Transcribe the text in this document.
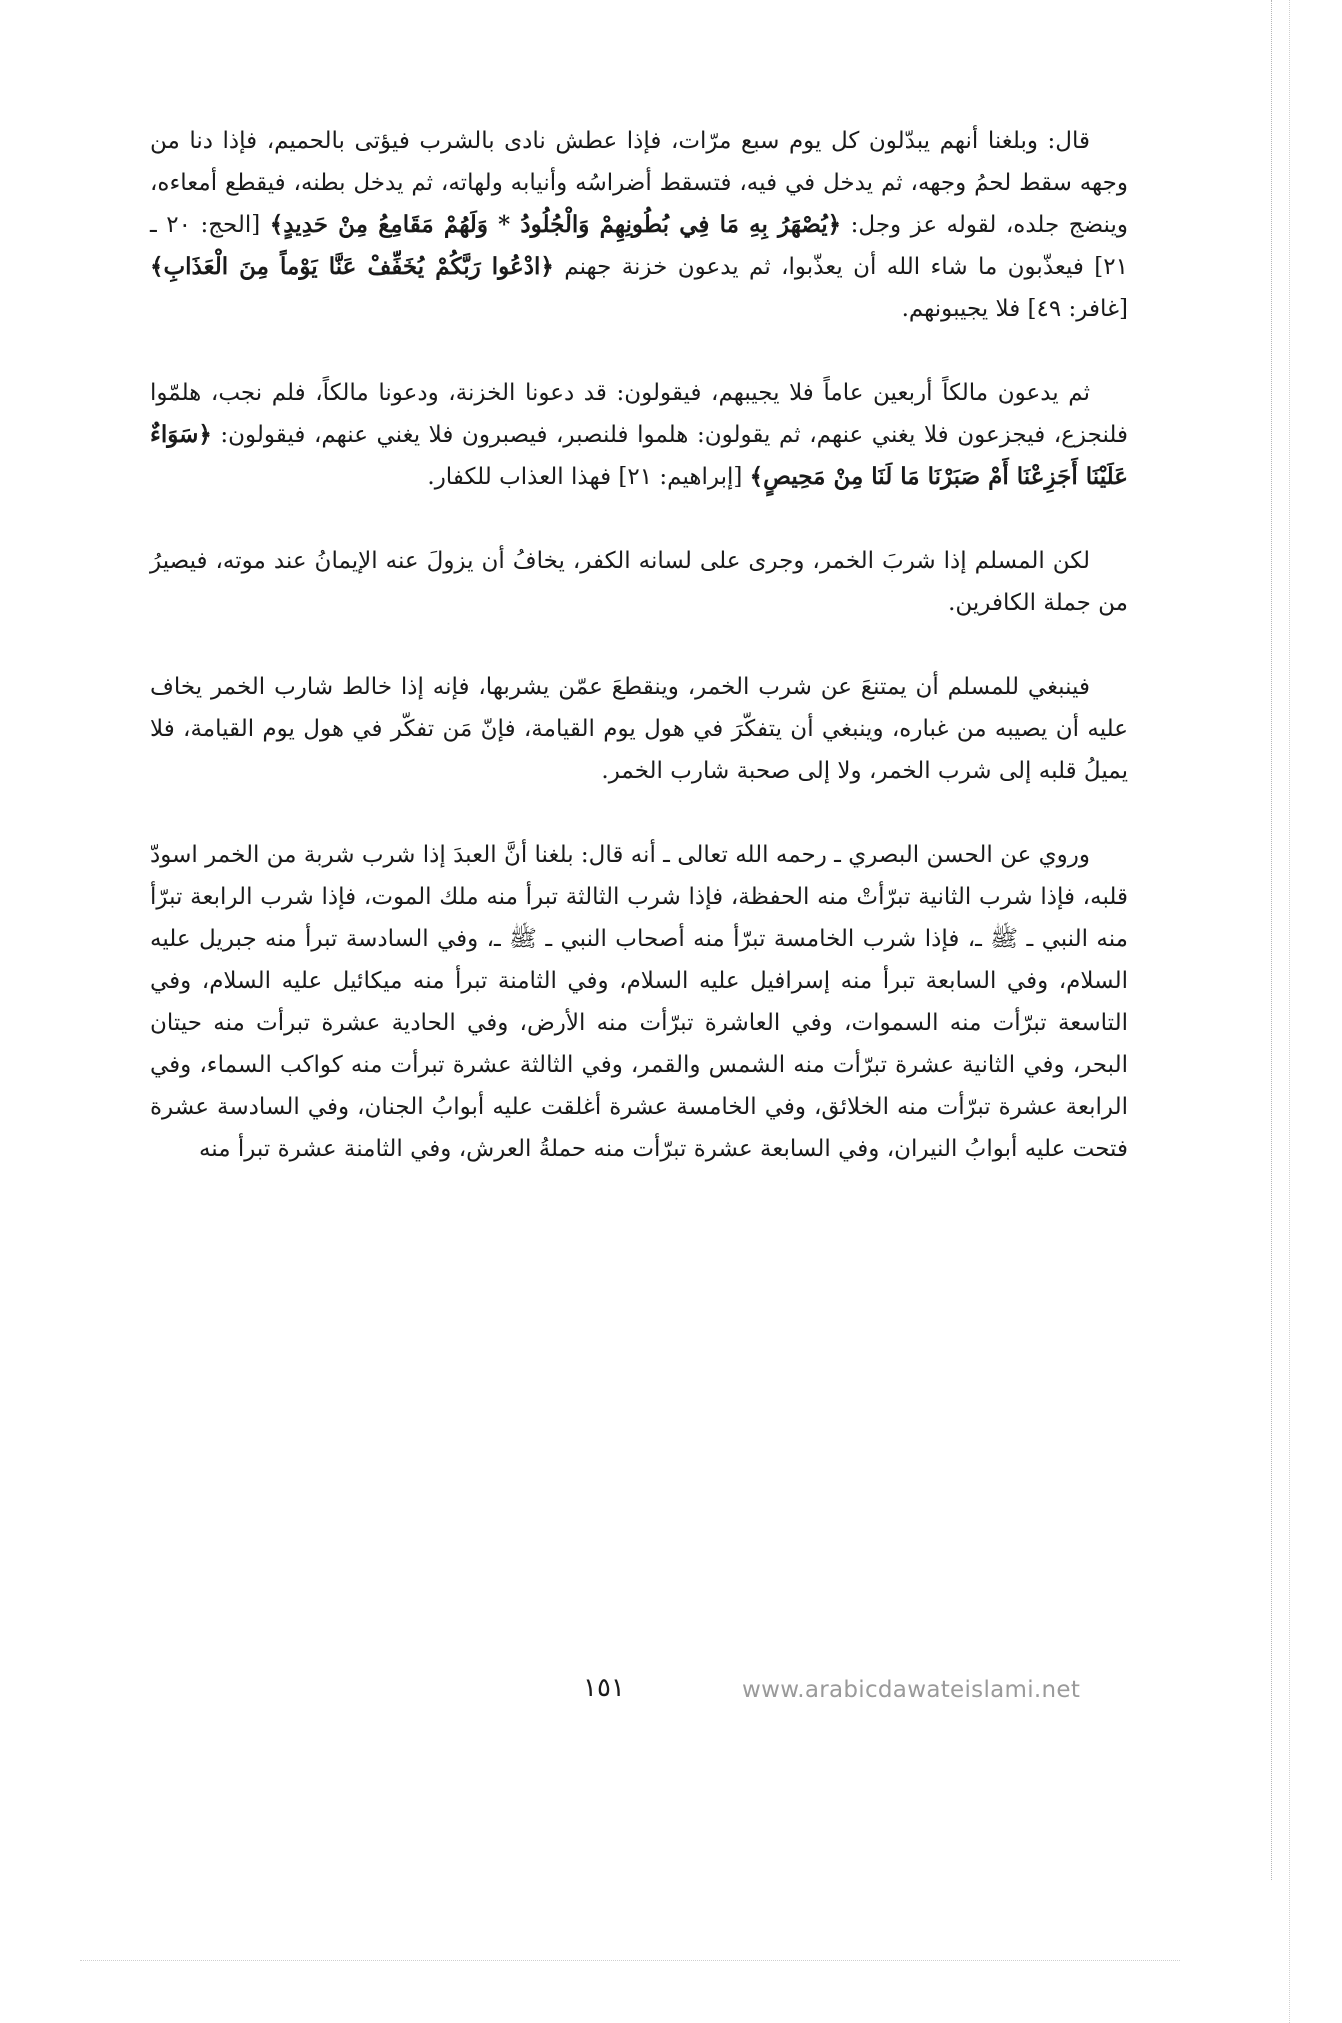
قال: وبلغنا أنهم يبدّلون كل يوم سبع مرّات، فإذا عطش نادى بالشرب فيؤتى بالحميم، فإذا دنا من وجهه سقط لحمُ وجهه، ثم يدخل في فيه، فتسقط أضراسُه وأنيابه ولهاته، ثم يدخل بطنه، فيقطع أمعاءه، وينضج جلده، لقوله عز وجل: ﴿يُصْهَرُ بِهِ مَا فِي بُطُونِهِمْ وَالْجُلُودُ * وَلَهُمْ مَقَامِعُ مِنْ حَدِيدٍ﴾ [الحج: ٢٠ ـ ٢١] فيعذّبون ما شاء الله أن يعذّبوا، ثم يدعون خزنة جهنم ﴿ادْعُوا رَبَّكُمْ يُخَفِّفْ عَنَّا يَوْماً مِنَ الْعَذَابِ﴾ [غافر: ٤٩] فلا يجيبونهم.

ثم يدعون مالكاً أربعين عاماً فلا يجيبهم، فيقولون: قد دعونا الخزنة، ودعونا مالكاً، فلم نجب، هلمّوا فلنجزع، فيجزعون فلا يغني عنهم، ثم يقولون: هلموا فلنصبر، فيصبرون فلا يغني عنهم، فيقولون: ﴿سَوَاءٌ عَلَيْنَا أَجَزِعْنَا أَمْ صَبَرْنَا مَا لَنَا مِنْ مَحِيصٍ﴾ [إبراهيم: ٢١] فهذا العذاب للكفار.

لكن المسلم إذا شربَ الخمر، وجرى على لسانه الكفر، يخافُ أن يزولَ عنه الإيمانُ عند موته، فيصيرُ من جملة الكافرين.

فينبغي للمسلم أن يمتنعَ عن شرب الخمر، وينقطعَ عمّن يشربها، فإنه إذا خالط شارب الخمر يخاف عليه أن يصيبه من غباره، وينبغي أن يتفكّرَ في هول يوم القيامة، فإنّ مَن تفكّر في هول يوم القيامة، فلا يميلُ قلبه إلى شرب الخمر، ولا إلى صحبة شارب الخمر.

وروي عن الحسن البصري ـ رحمه الله تعالى ـ أنه قال: بلغنا أنَّ العبدَ إذا شرب شربة من الخمر اسودّ قلبه، فإذا شرب الثانية تبرّأتْ منه الحفظة، فإذا شرب الثالثة تبرأ منه ملك الموت، فإذا شرب الرابعة تبرّأ منه النبي ـ ﷺ ـ، فإذا شرب الخامسة تبرّأ منه أصحاب النبي ـ ﷺ ـ، وفي السادسة تبرأ منه جبريل عليه السلام، وفي السابعة تبرأ منه إسرافيل عليه السلام، وفي الثامنة تبرأ منه ميكائيل عليه السلام، وفي التاسعة تبرّأت منه السموات، وفي العاشرة تبرّأت منه الأرض، وفي الحادية عشرة تبرأت منه حيتان البحر، وفي الثانية عشرة تبرّأت منه الشمس والقمر، وفي الثالثة عشرة تبرأت منه كواكب السماء، وفي الرابعة عشرة تبرّأت منه الخلائق، وفي الخامسة عشرة أغلقت عليه أبوابُ الجنان، وفي السادسة عشرة فتحت عليه أبوابُ النيران، وفي السابعة عشرة تبرّأت منه حملةُ العرش، وفي الثامنة عشرة تبرأ منه

١٥١	www.arabicdawateislami.net
